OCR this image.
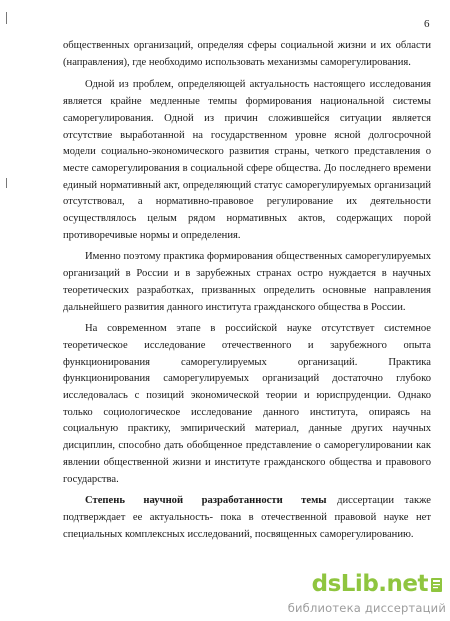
6

общественных организаций, определяя сферы социальной жизни и их области (направления), где необходимо использовать механизмы саморегулирования.

Одной из проблем, определяющей актуальность настоящего исследования является крайне медленные темпы формирования национальной системы саморегулирования. Одной из причин сложившейся ситуации является отсутствие выработанной на государственном уровне ясной долгосрочной модели социально-экономического развития страны, четкого представления о месте саморегулирования в социальной сфере общества. До последнего времени единый нормативный акт, определяющий статус саморегулируемых организаций отсутствовал, а нормативно-правовое регулирование их деятельности осуществлялось целым рядом нормативных актов, содержащих порой противоречивые нормы и определения.

Именно поэтому практика формирования общественных саморегулируемых организаций в России и в зарубежных странах остро нуждается в научных теоретических разработках, призванных определить основные направления дальнейшего развития данного института гражданского общества в России.

На современном этапе в российской науке отсутствует системное теоретическое исследование отечественного и зарубежного опыта функционирования саморегулируемых организаций. Практика функционирования саморегулируемых организаций достаточно глубоко исследовалась с позиций экономической теории и юриспруденции. Однако только социологическое исследование данного института, опираясь на социальную практику, эмпирический материал, данные других научных дисциплин, способно дать обобщенное представление о саморегулировании как явлении общественной жизни и институте гражданского общества и правового государства.

Степень научной разработанности темы диссертации также подтверждает ее актуальность- пока в отечественной правовой науке нет специальных комплексных исследований, посвященных саморегулированию.

dsLib.net
библиотека диссертаций
